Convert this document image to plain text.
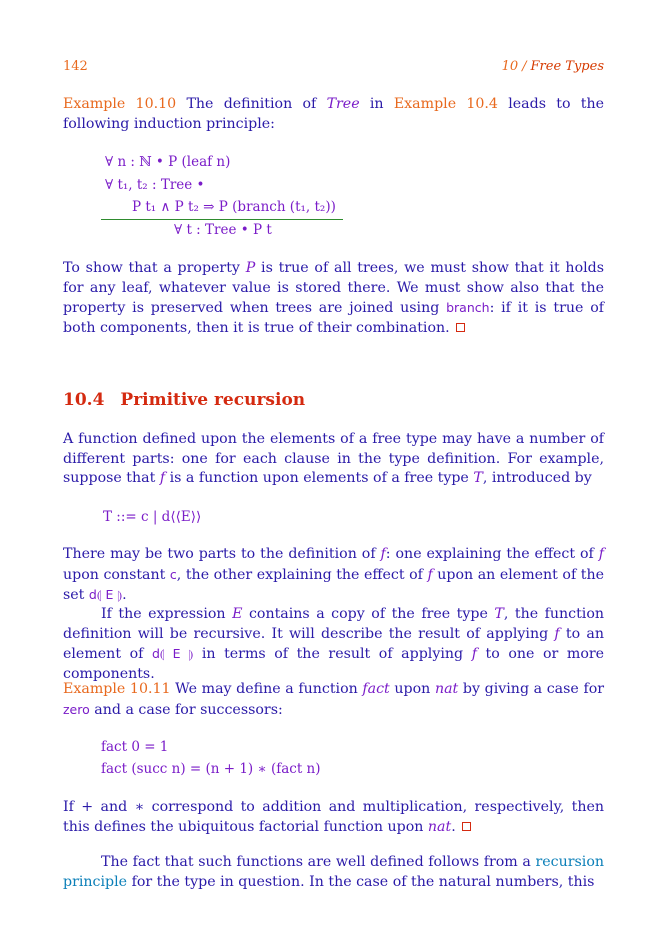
142	10 / Free Types

Example 10.10 The definition of Tree in Example 10.4 leads to the following induction principle:

∀ n : ℕ • P (leaf n)
∀ t₁, t₂ : Tree •
P t₁ ∧ P t₂ ⇒ P (branch (t₁, t₂))
∀ t : Tree • P t

To show that a property P is true of all trees, we must show that it holds for any leaf, whatever value is stored there. We must show also that the property is preserved when trees are joined using branch: if it is true of both components, then it is true of their combination.

10.4 Primitive recursion

A function defined upon the elements of a free type may have a number of different parts: one for each clause in the type definition. For example, suppose that f is a function upon elements of a free type T, introduced by

T ::= c | d⟨⟨E⟩⟩

There may be two parts to the definition of f: one explaining the effect of f upon constant c, the other explaining the effect of f upon an element of the set d⦇ E ⦈.

If the expression E contains a copy of the free type T, the function definition will be recursive. It will describe the result of applying f to an element of d⦇ E ⦈ in terms of the result of applying f to one or more components.

Example 10.11 We may define a function fact upon nat by giving a case for zero and a case for successors:

fact 0 = 1
fact (succ n) = (n + 1) ∗ (fact n)

If + and ∗ correspond to addition and multiplication, respectively, then this defines the ubiquitous factorial function upon nat.

The fact that such functions are well defined follows from a recursion principle for the type in question. In the case of the natural numbers, this
